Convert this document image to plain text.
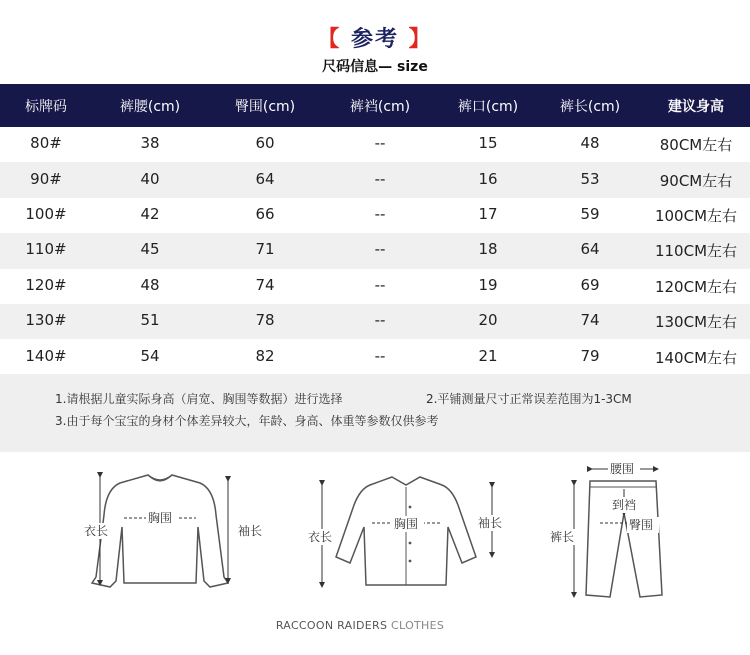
【 参考 】
尺码信息— size
标牌码	裤腰(cm)	臀围(cm)	裤裆(cm)	裤口(cm)	裤长(cm)	建议身高
80#	38	60	--	15	48	80CM左右
90#	40	64	--	16	53	90CM左右
100#	42	66	--	17	59	100CM左右
110#	45	71	--	18	64	110CM左右
120#	48	74	--	19	69	120CM左右
130#	51	78	--	20	74	130CM左右
140#	54	82	--	21	79	140CM左右
1.请根据儿童实际身高（肩宽、胸围等数据）进行选择	2.平铺测量尺寸正常误差范围为1-3CM
3.由于每个宝宝的身材个体差异较大，年龄、身高、体重等参数仅供参考
衣长
胸围
袖长	衣长
胸围	袖长
腰围
到裆
裤长
臀围
RACCOON RAIDERS CLOTHES
